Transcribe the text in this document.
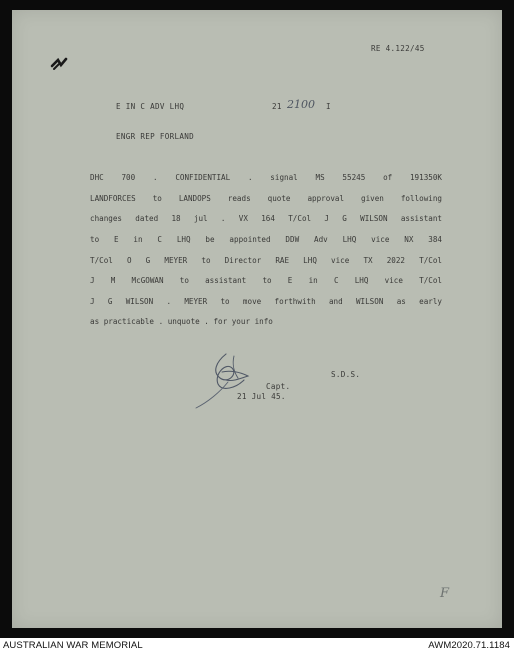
RE 4.122/45
E IN C ADV LHQ	21 2100 I
ENGR REP FORLAND
DHC 700 . CONFIDENTIAL . signal MS 55245 of 191350K
LANDFORCES to LANDOPS reads quote approval given following
changes dated 18 jul . VX 164 T/Col J G WILSON assistant
to E in C LHQ be appointed DDW Adv LHQ vice NX 384
T/Col O G MEYER to Director RAE LHQ vice TX 2022 T/Col
J M McGOWAN to assistant to E in C LHQ vice T/Col
J G WILSON . MEYER to move forthwith and WILSON as early
as practicable . unquote . for your info
Capt.
21 Jul 45.
S.D.S.
F
AUSTRALIAN WAR MEMORIAL	AWM2020.71.1184
